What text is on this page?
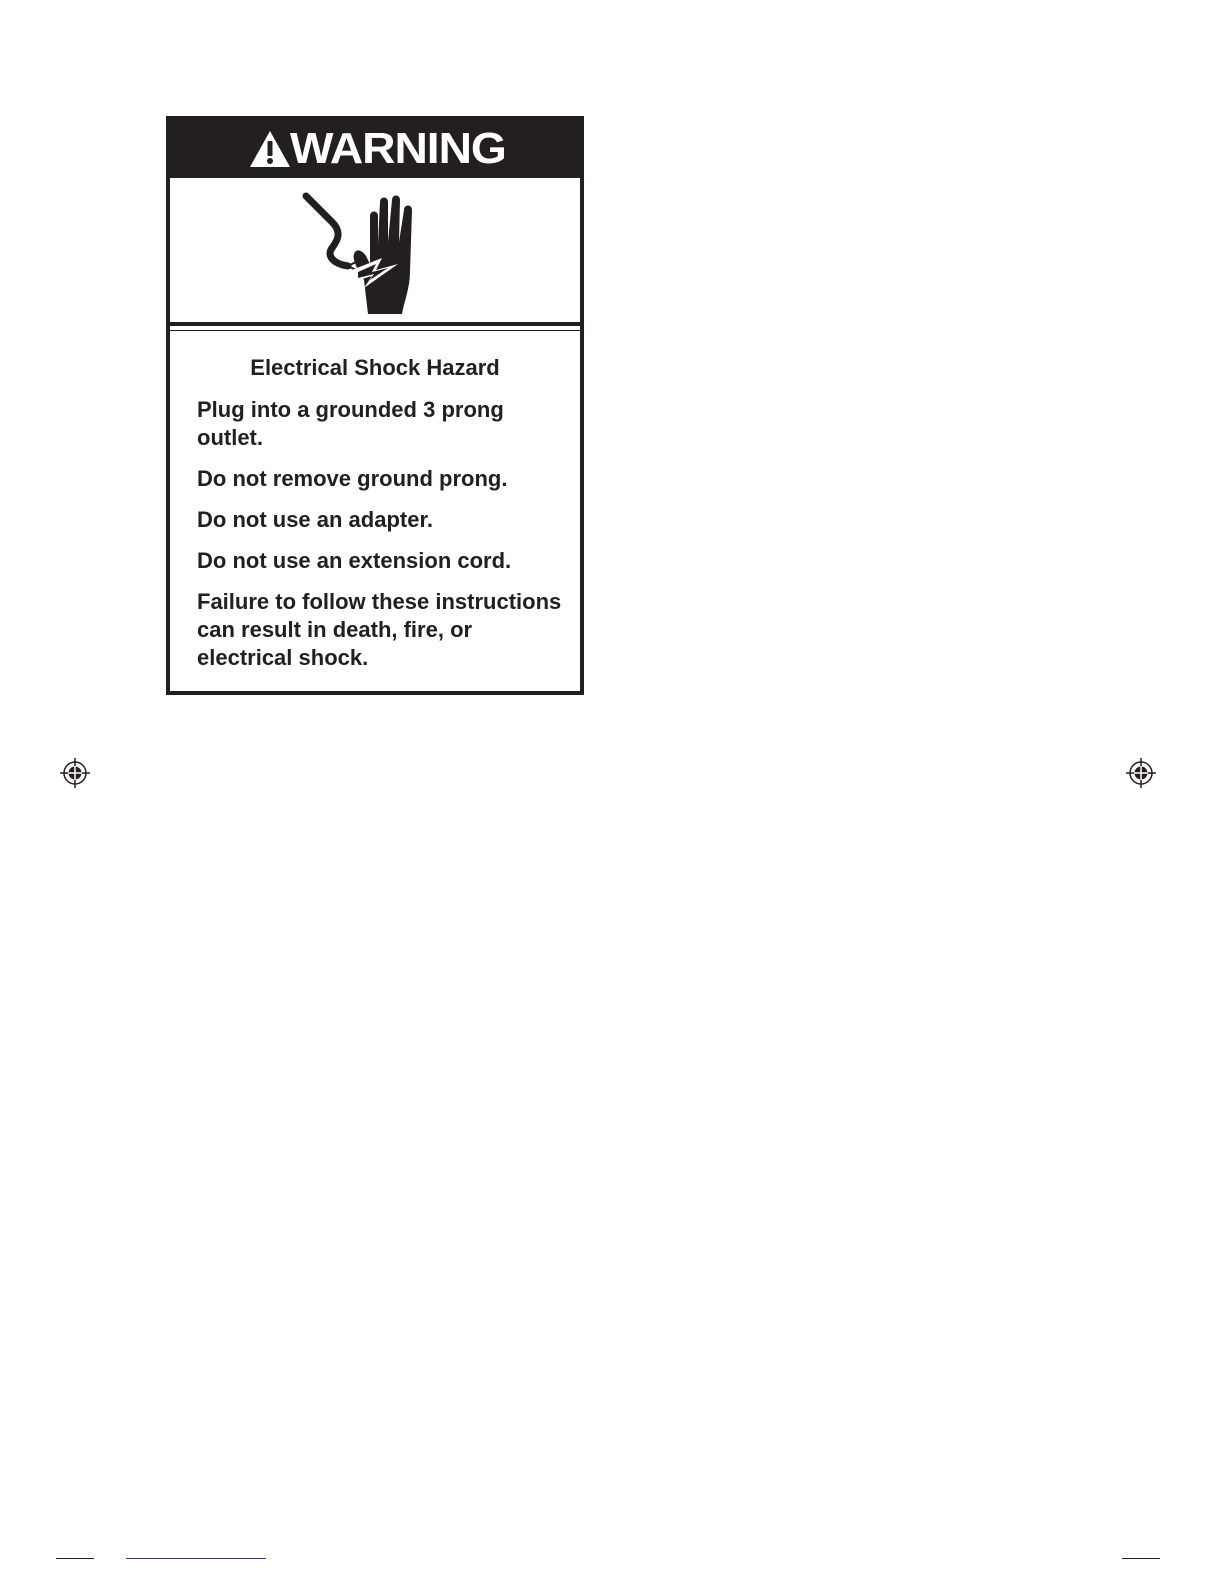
WARNING
Electrical Shock Hazard
Plug into a grounded 3 prong outlet.
Do not remove ground prong.
Do not use an adapter.
Do not use an extension cord.
Failure to follow these instructions can result in death, fire, or electrical shock.
